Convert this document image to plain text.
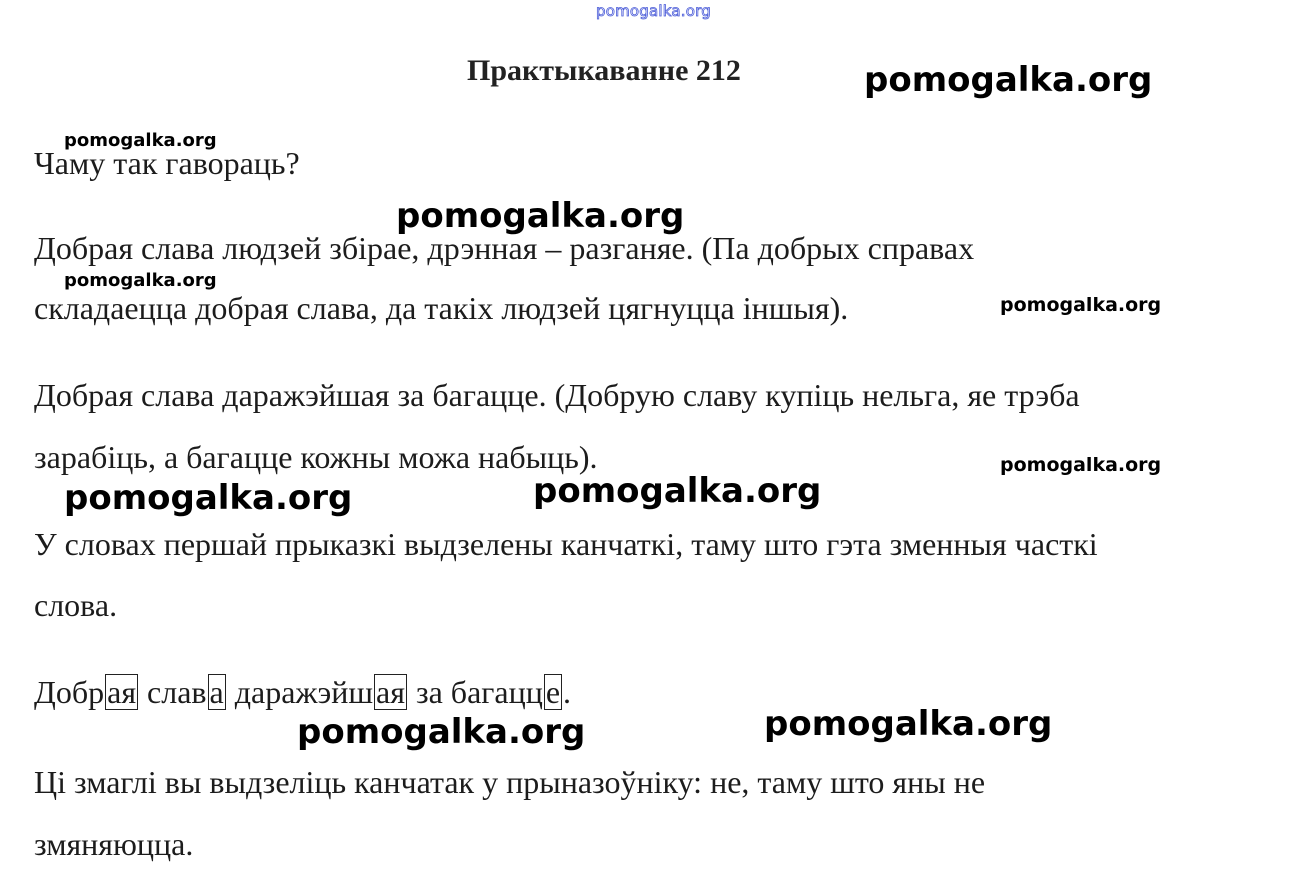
pomogalka.org
Практыкаванне 212	pomogalka.org
Чаму так гавораць?
pomogalka.org
pomogalka.org
Добрая слава людзей збірае, дрэнная – разганяе. (Па добрых справах
pomogalka.org
складаецца добрая слава, да такіх людзей цягнуцца іншыя).	pomogalka.org
Добрая слава даражэйшая за багацце. (Добрую славу купіць нельга, яе трэба
зарабіць, а багацце кожны можа набыць).	pomogalka.org
pomogalka.org	pomogalka.org
У словах першай прыказкі выдзелены канчаткі, таму што гэта зменныя часткі
слова.
Добрая слава даражэйшая за багацце.
pomogalka.org	pomogalka.org
Ці змаглі вы выдзеліць канчатак у прыназоўніку: не, таму што яны не
змяняюцца.
